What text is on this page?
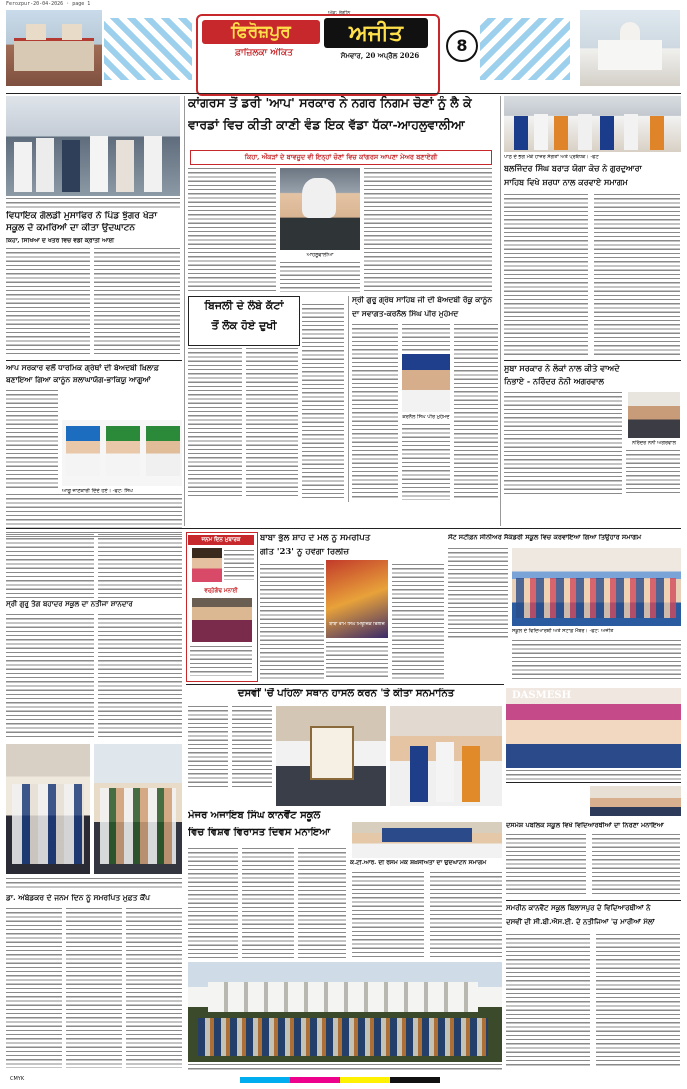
Ferozpur-20-04-2026 · page 1
ਫਿਰੋਜ਼ਪੁਰ	ਅਜੀਤ
ਅੰਕ: ਰੰਗੀਨ
ਫ਼ਾਜ਼ਿਲਕਾ ਅੰਕਿਤ	ਸੋਮਵਾਰ, 20 ਅਪ੍ਰੈਲ 2026
8
ਵਿਧਾਇਕ ਗੋਲਡੀ ਮੁਸਾਫਿਰ ਨੇ ਪਿੰਡ ਝੁੰਗਰ ਖੇੜਾ
ਸਕੂਲ ਦੇ ਕਮਰਿਆਂ ਦਾ ਕੀਤਾ ਉਦਘਾਟਨ
ਕਿਹਾ, ਸਿੱਖਿਆ ਦੇ ਖੇਤਰ ਵਿਚ ਵੱਡੀ ਕ੍ਰਾਂਤੀ ਆਈ
ਆਪ ਸਰਕਾਰ ਵਲੋਂ ਧਾਰਮਿਕ ਗ੍ਰੰਥਾਂ ਦੀ ਬੇਅਦਬੀ ਖ਼ਿਲਾਫ਼
ਬਣਾਇਆ ਗਿਆ ਕਾਨੂੰਨ ਸ਼ਲਾਘਾਯੋਗ-ਭਾਕਿਯੂ ਆਗੂਆਂ
ਆਗੂ ਜਾਣਕਾਰੀ ਦਿੰਦੇ ਹੋਏ। -ਫੋਟੋ: ਸਿੰਘ
ਕਾਂਗਰਸ ਤੋਂ ਡਰੀ 'ਆਪ' ਸਰਕਾਰ ਨੇ ਨਗਰ ਨਿਗਮ ਚੋਣਾਂ ਨੂੰ ਲੈ ਕੇ
ਵਾਰਡਾਂ ਵਿਚ ਕੀਤੀ ਕਾਣੀ ਵੰਡ ਇਕ ਵੱਡਾ ਧੱਕਾ-ਆਹਲੂਵਾਲੀਆ
ਕਿਹਾ, ਔਕੜਾਂ ਦੇ ਬਾਵਜੂਦ ਵੀ ਇਨ੍ਹਾਂ ਚੋਣਾਂ ਵਿਚ ਕਾਂਗਰਸ ਆਪਣਾ ਮੇਅਰ ਬਣਾਏਗੀ
ਆਹਲੂਵਾਲੀਆ
ਬਿਜਲੀ ਦੇ ਲੰਬੇ ਕੱਟਾਂ
ਤੋਂ ਲੋਕ ਹੋਏ ਦੁਖੀ
ਸ੍ਰੀ ਗੁਰੂ ਗ੍ਰੰਥ ਸਾਹਿਬ ਜੀ ਦੀ ਬੇਅਦਬੀ ਰੋਕੂ ਕਾਨੂੰਨ
ਦਾ ਸਵਾਗਤ-ਕਰਨੈਲ ਸਿੰਘ ਪੀਰ ਮੁਹੰਮਦ
ਕਰਨੈਲ ਸਿੰਘ ਪੀਰ ਮੁਹੰਮਦ
ਪਾਠ ਦੇ ਭੋਗ ਮੌਕੇ ਹਾਜ਼ਰ ਸੰਗਤਾਂ ਅਤੇ ਪ੍ਰਬੰਧਕ। -ਫੋਟੋ
ਬਲਜਿੰਦਰ ਸਿੰਘ ਬਰਾੜ ਯੋਗਾ ਕੋਚ ਨੇ ਗੁਰਦੁਆਰਾ
ਸਾਹਿਬ ਵਿਖੇ ਸ਼ਰਧਾ ਨਾਲ ਕਰਵਾਏ ਸਮਾਗਮ
ਸੂਬਾ ਸਰਕਾਰ ਨੇ ਲੋਕਾਂ ਨਾਲ ਕੀਤੇ ਵਾਅਦੇ
ਨਿਭਾਏ - ਨਰਿੰਦਰ ਨੋਨੀ ਅਗਰਵਾਲ
ਨਰਿੰਦਰ ਨੋਨੀ ਅਗਰਵਾਲ
ਸ੍ਰੀ ਗੁਰੂ ਤੇਗ ਬਹਾਦਰ ਸਕੂਲ ਦਾ ਨਤੀਜਾ ਸ਼ਾਨਦਾਰ
ਜਨਮ ਦਿਨ ਮੁਬਾਰਕ
ਵਰ੍ਹੇਗੰਢ ਮਨਾਈ
ਬਾਬਾ ਭੁੱਲੋ ਸ਼ਾਹ ਦੇ ਮੇਲੇ ਨੂੰ ਸਮਰਪਿਤ
ਗੀਤ '23' ਨੂੰ ਹੋਵੇਗਾ ਰਿਲੀਜ਼
ਬਾਬਾ ਰਾਮ ਸਿੰਘ ਮਿਊਜ਼ਿਕ ਰਿਲੀਜ਼
ਸੇਂਟ ਸਟੀਫ਼ਨ ਸੀਨੀਅਰ ਸੈਕੰਡਰੀ ਸਕੂਲ ਵਿਚ ਕਰਵਾਇਆ ਗਿਆ ਤਿਉਹਾਰ ਸਮਾਗਮ
ਸਕੂਲ ਦੇ ਵਿਦਿਆਰਥੀ ਅਤੇ ਸਟਾਫ਼ ਮੈਂਬਰ। -ਫੋਟੋ: ਅਜੀਤ
ਦਸਵੀਂ 'ਚੋਂ ਪਹਿਲਾ ਸਥਾਨ ਹਾਸਲ ਕਰਨ 'ਤੇ ਕੀਤਾ ਸਨਮਾਨਿਤ
ਮੇਜਰ ਅਜਾਇਬ ਸਿੰਘ ਕਾਨਵੈਂਟ ਸਕੂਲ
ਵਿਚ ਵਿਸ਼ਵ ਵਿਰਾਸਤ ਦਿਵਸ ਮਨਾਇਆ
ਕੇ.ਟੀ.ਆਰ. ਦੀ ਰਸਮ ਮੌਕੇ ਸ਼ਖ਼ਸੀਅਤਾਂ ਦਾ ਉਦਘਾਟਨ ਸਮਾਗਮ
ਡਾ. ਅੰਬੇਡਕਰ ਦੇ ਜਨਮ ਦਿਨ ਨੂੰ ਸਮਰਪਿਤ ਮੁਫ਼ਤ ਕੈਂਪ
DASMESH
ਦਸਮੇਸ਼ ਪਬਲਿਕ ਸਕੂਲ ਵਿਖੇ ਵਿਦਿਆਰਥੀਆਂ ਦਾ ਨਿਰਣਾ ਮਨਾਇਆ
ਸਮਰੀਨ ਕਾਨਵੈਂਟ ਸਕੂਲ ਬਿਲਾਸਪੁਰ ਦੇ ਵਿਦਿਆਰਥੀਆਂ ਨੇ
ਦਸਵੀਂ ਦੀ ਸੀ.ਬੀ.ਐਸ.ਈ. ਦੇ ਨਤੀਜਿਆਂ 'ਚ ਮਾਰੀਆਂ ਮੱਲਾਂ
CMYK
